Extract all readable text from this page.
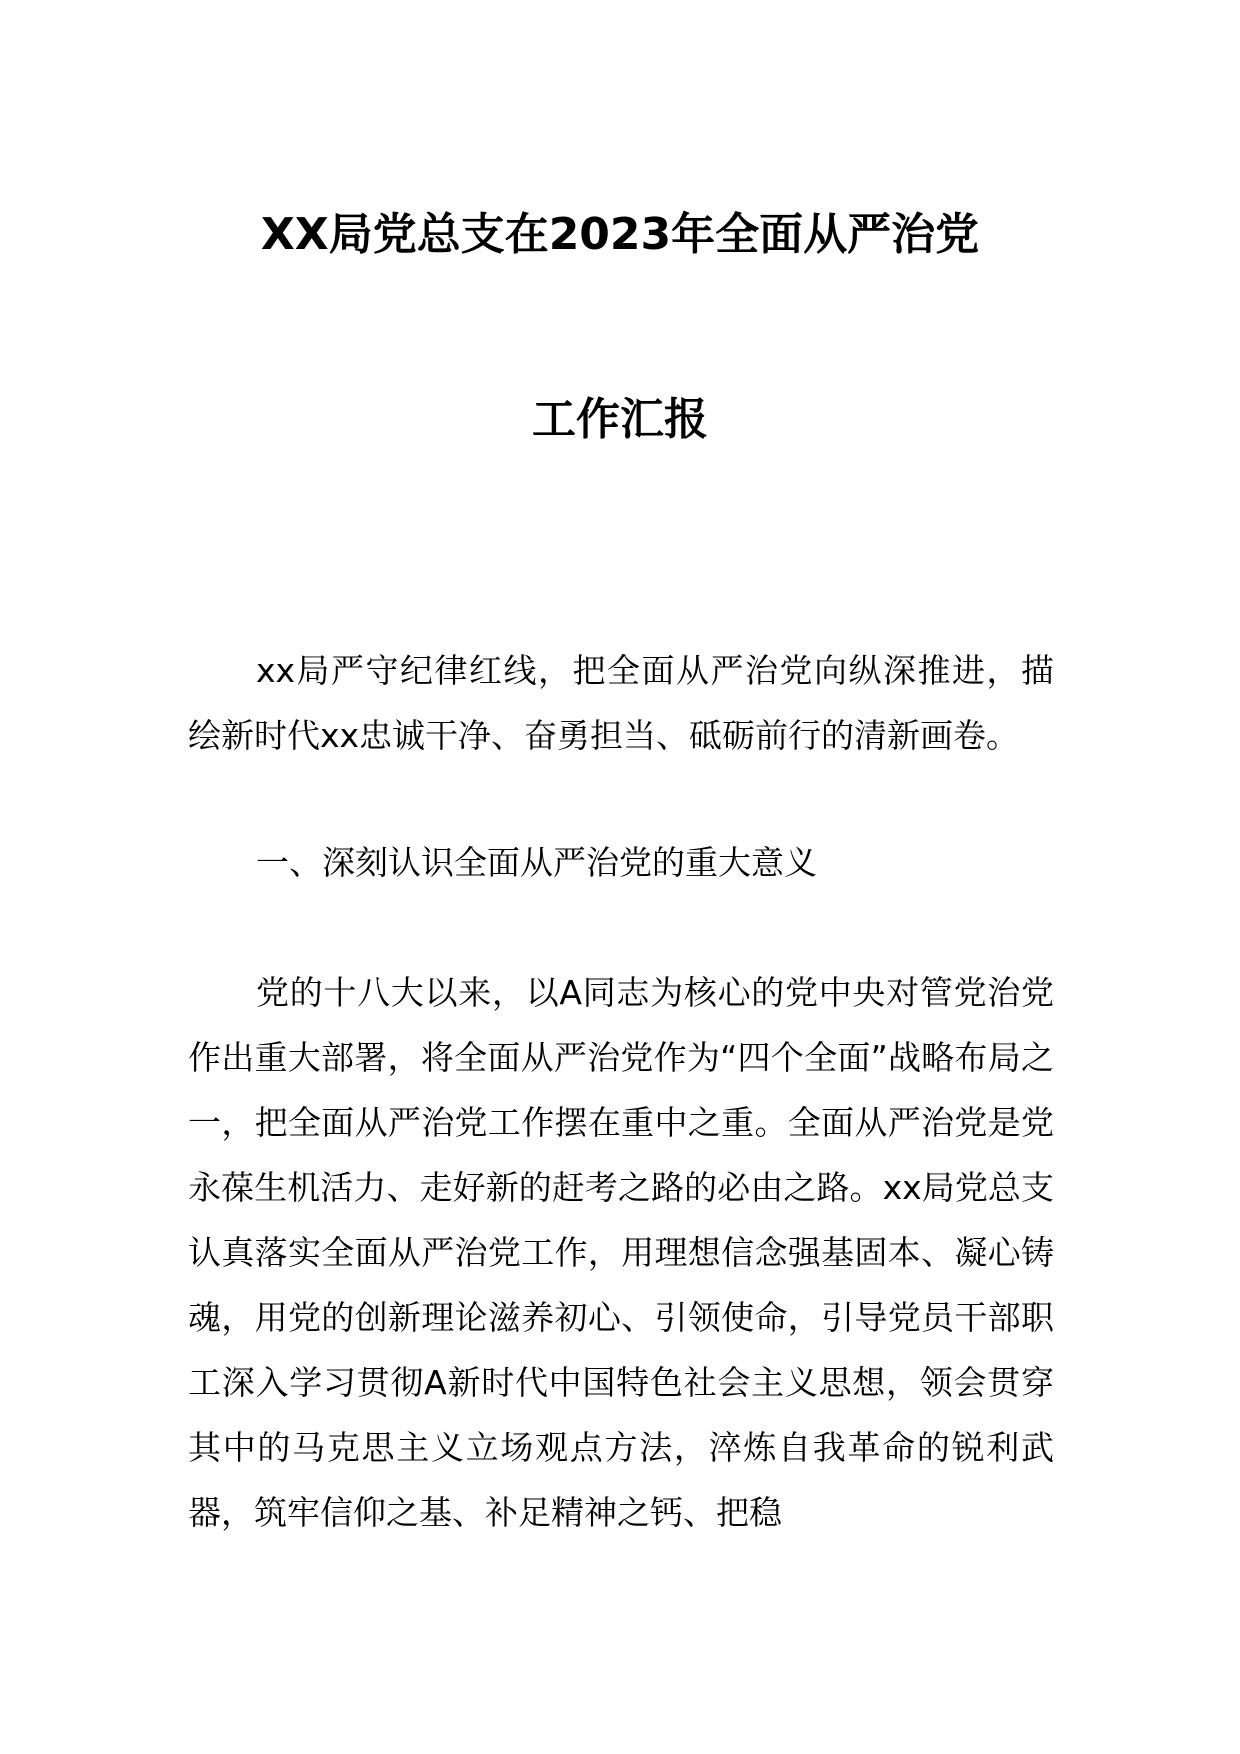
XX局党总支在2023年全面从严治党
工作汇报

xx局严守纪律红线，把全面从严治党向纵深推进，描绘新时代xx忠诚干净、奋勇担当、砥砺前行的清新画卷。

一、深刻认识全面从严治党的重大意义

党的十八大以来，以A同志为核心的党中央对管党治党作出重大部署，将全面从严治党作为“四个全面”战略布局之一，把全面从严治党工作摆在重中之重。全面从严治党是党永葆生机活力、走好新的赶考之路的必由之路。xx局党总支认真落实全面从严治党工作，用理想信念强基固本、凝心铸魂，用党的创新理论滋养初心、引领使命，引导党员干部职工深入学习贯彻A新时代中国特色社会主义思想，领会贯穿其中的马克思主义立场观点方法，淬炼自我革命的锐利武器，筑牢信仰之基、补足精神之钙、把稳
